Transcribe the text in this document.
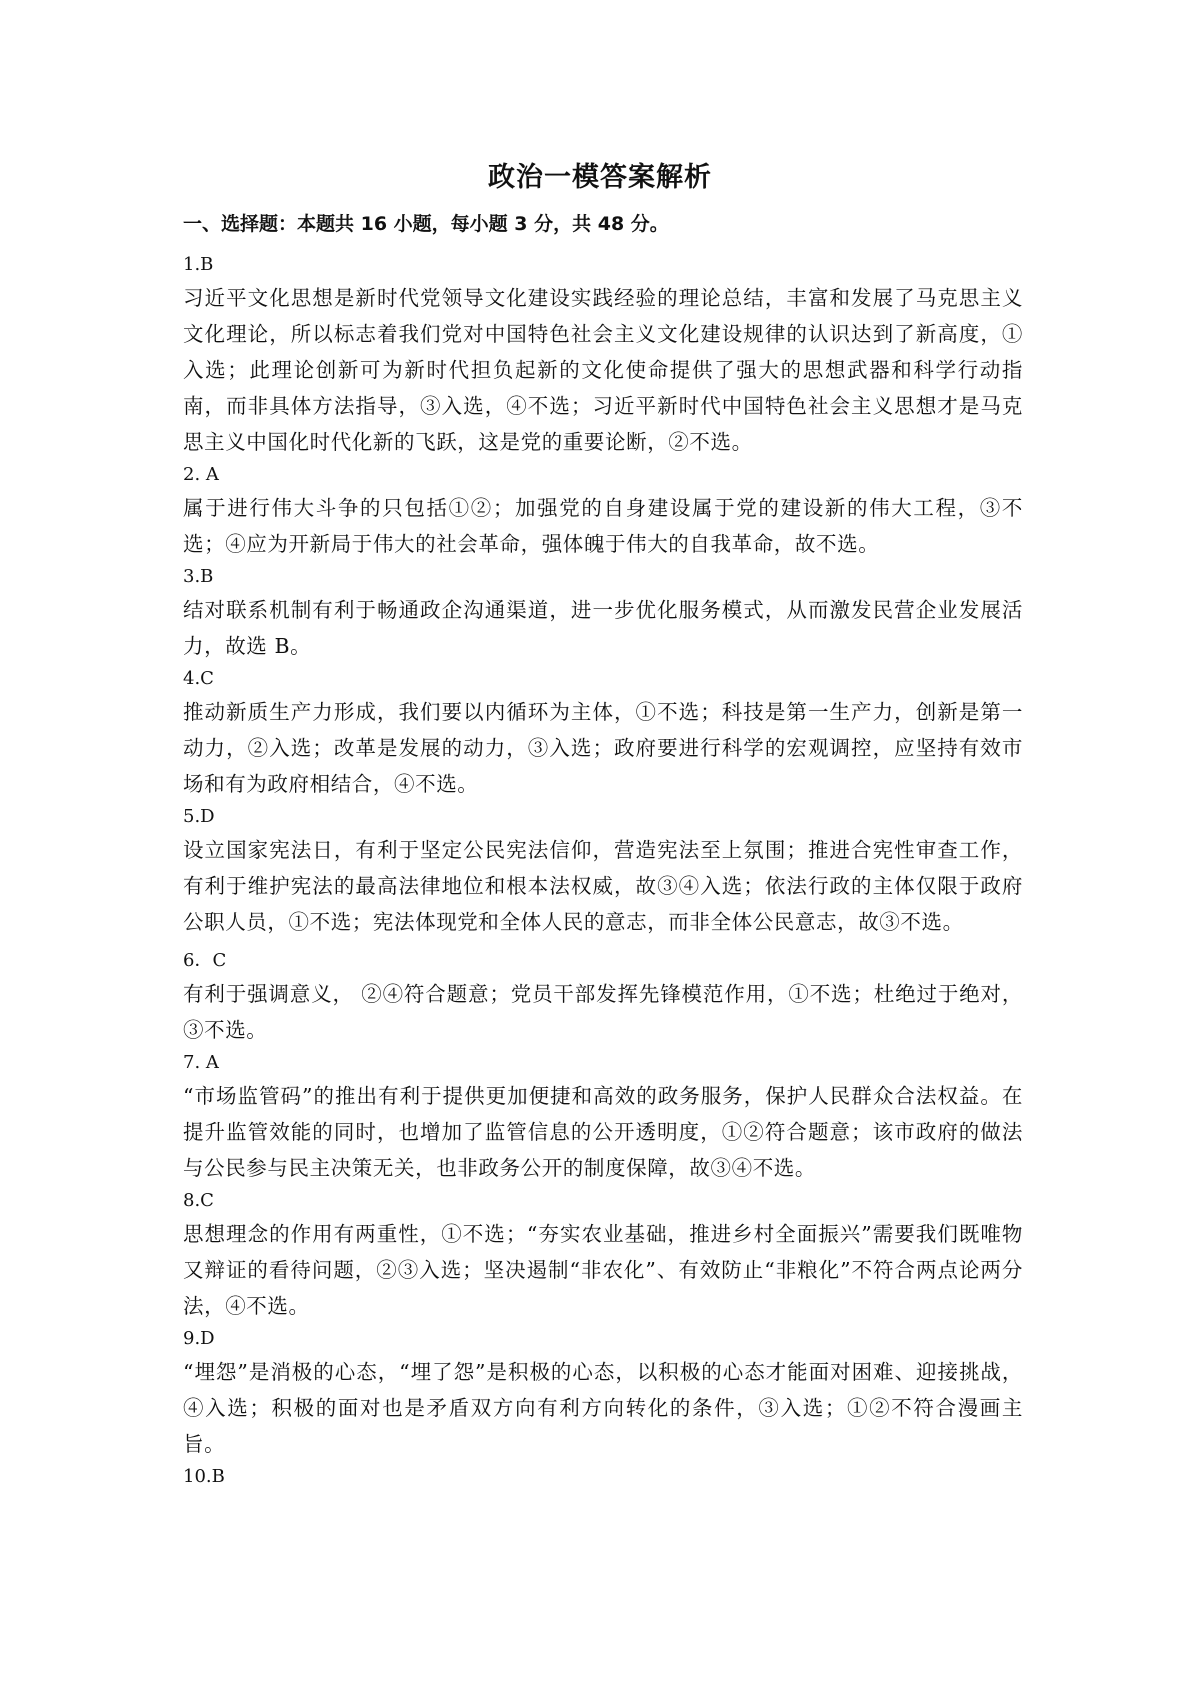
政治一模答案解析

一、选择题：本题共 16 小题，每小题 3 分，共 48 分。

1.B
习近平文化思想是新时代党领导文化建设实践经验的理论总结，丰富和发展了马克思主义文化理论，所以标志着我们党对中国特色社会主义文化建设规律的认识达到了新高度，①入选；此理论创新可为新时代担负起新的文化使命提供了强大的思想武器和科学行动指南，而非具体方法指导，③入选，④不选；习近平新时代中国特色社会主义思想才是马克思主义中国化时代化新的飞跃，这是党的重要论断，②不选。
2. A
属于进行伟大斗争的只包括①②；加强党的自身建设属于党的建设新的伟大工程，③不选；④应为开新局于伟大的社会革命，强体魄于伟大的自我革命，故不选。
3.B
结对联系机制有利于畅通政企沟通渠道，进一步优化服务模式，从而激发民营企业发展活力，故选 B。
4.C
推动新质生产力形成，我们要以内循环为主体，①不选；科技是第一生产力，创新是第一动力，②入选；改革是发展的动力，③入选；政府要进行科学的宏观调控，应坚持有效市场和有为政府相结合，④不选。
5.D
设立国家宪法日，有利于坚定公民宪法信仰，营造宪法至上氛围；推进合宪性审查工作，有利于维护宪法的最高法律地位和根本法权威，故③④入选；依法行政的主体仅限于政府公职人员，①不选；宪法体现党和全体人民的意志，而非全体公民意志，故③不选。
6．C
有利于强调意义， ②④符合题意；党员干部发挥先锋模范作用，①不选；杜绝过于绝对，③不选。
7. A
“市场监管码”的推出有利于提供更加便捷和高效的政务服务，保护人民群众合法权益。在提升监管效能的同时，也增加了监管信息的公开透明度，①②符合题意；该市政府的做法与公民参与民主决策无关，也非政务公开的制度保障，故③④不选。
8.C
思想理念的作用有两重性，①不选；“夯实农业基础，推进乡村全面振兴”需要我们既唯物又辩证的看待问题，②③入选；坚决遏制“非农化”、有效防止“非粮化”不符合两点论两分法，④不选。
9.D
“埋怨”是消极的心态，“埋了怨”是积极的心态，以积极的心态才能面对困难、迎接挑战，④入选；积极的面对也是矛盾双方向有利方向转化的条件，③入选；①②不符合漫画主旨。
10.B
